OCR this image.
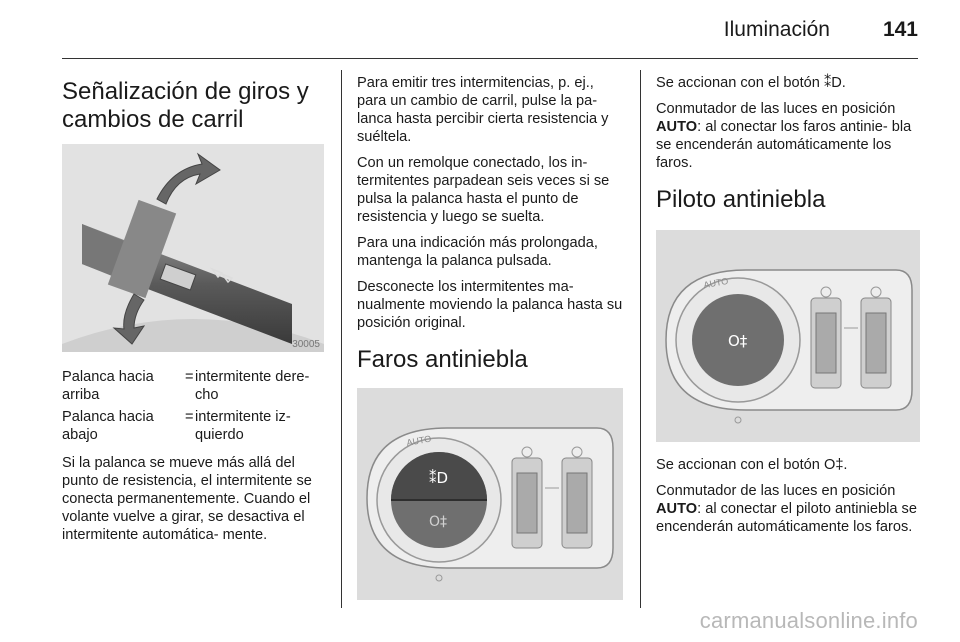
Iluminación	141
Señalización de giros y cambios de carril
30005
Palanca hacia arriba
= intermitente dere- cho
Palanca hacia abajo
= intermitente iz- quierdo

Si la palanca se mueve más allá del punto de resistencia, el intermitente se conecta permanentemente. Cuando el volante vuelve a girar, se desactiva el intermitente automática- mente.

Para emitir tres intermitencias, p. ej., para un cambio de carril, pulse la pa- lanca hasta percibir cierta resistencia y suéltela.

Con un remolque conectado, los in- termitentes parpadean seis veces si se pulsa la palanca hasta el punto de resistencia y luego se suelta.

Para una indicación más prolongada, mantenga la palanca pulsada.

Desconecte los intermitentes ma- nualmente moviendo la palanca hasta su posición original.

Faros antiniebla
AUTO
⁑D
O‡

Se accionan con el botón ⁑D.

Conmutador de las luces en posición AUTO: al conectar los faros antinie- bla se encenderán automáticamente los faros.

Piloto antiniebla
AUTO
O‡

Se accionan con el botón O‡.

Conmutador de las luces en posición AUTO: al conectar el piloto antiniebla se encenderán automáticamente los faros.

carmanualsonline.info
